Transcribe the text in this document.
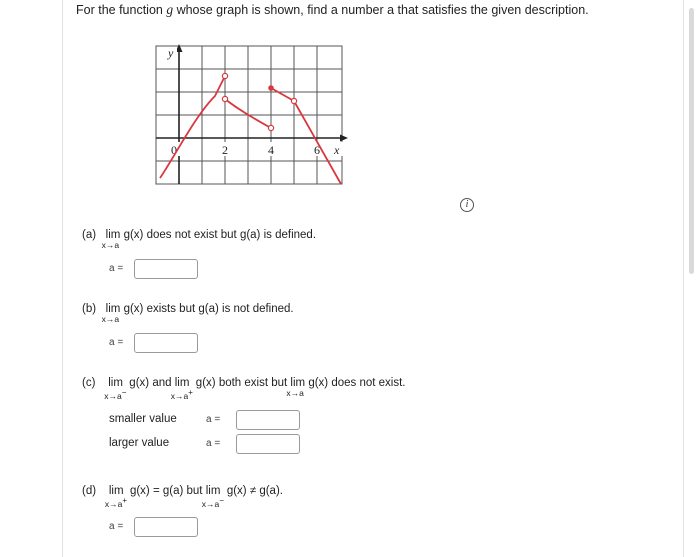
For the function g whose graph is shown, find a number a that satisfies the given description.
y
0	2	4	6 x
i
(a) lim
x→a
g(x) does not exist but g(a) is defined.
a =
(b) lim
x→a
g(x) exists but g(a) is not defined.
a =
(c) lim
x→a−
g(x) and lim
x→a+
g(x) both exist but lim
x→a
g(x) does not exist.
smaller value	a =
larger value	a =
(d) lim
x→a+
g(x) = g(a) but lim
x→a−
g(x) ≠ g(a).
a =
